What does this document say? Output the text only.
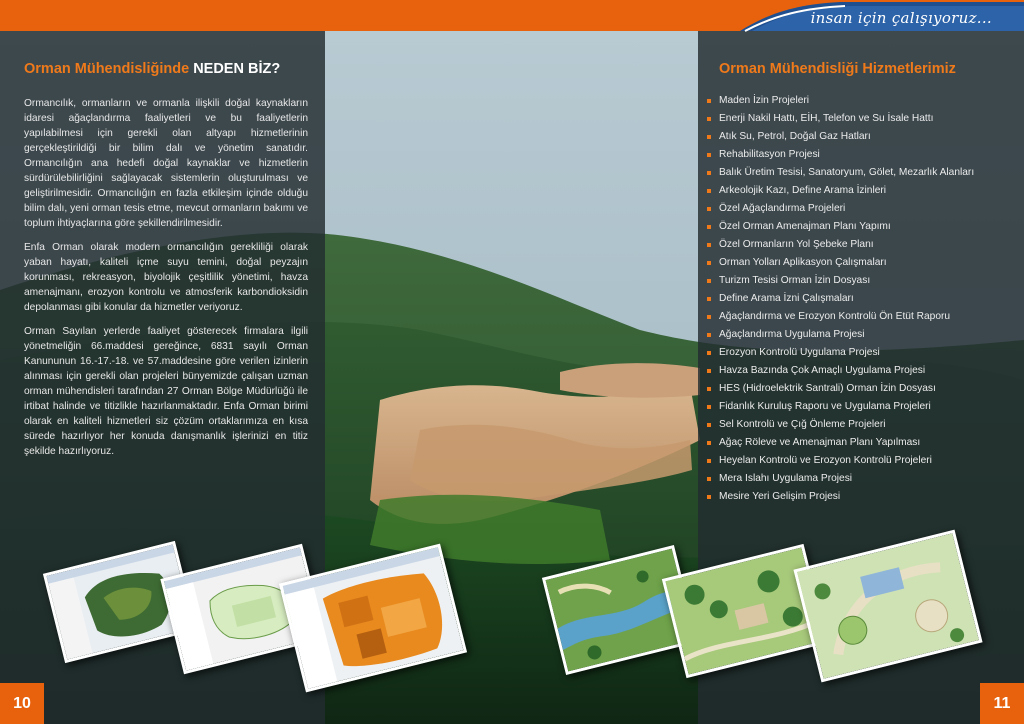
insan için çalışıyoruz...
Orman Mühendisliğinde NEDEN BİZ?

Ormancılık, ormanların ve ormanla ilişkili doğal kaynakların idaresi ağaçlandırma faaliyetleri ve bu faaliyetlerin yapılabilmesi için gerekli olan altyapı hizmetlerinin gerçekleştirildiği bir bilim dalı ve yönetim sanatıdır. Ormancılığın ana hedefi doğal kaynaklar ve hizmetlerin sürdürülebilirliğini sağlayacak sistemlerin oluşturulması ve geliştirilmesidir. Ormancılığın en fazla etkileşim içinde olduğu bilim dalı, yeni orman tesis etme, mevcut ormanların bakımı ve toplum ihtiyaçlarına göre şekillendirilmesidir.

Enfa Orman olarak modern ormancılığın gerekliliği olarak yaban hayatı, kaliteli içme suyu temini, doğal peyzajın korunması, rekreasyon, biyolojik çeşitlilik yönetimi, havza amenajmanı, erozyon kontrolu ve atmosferik karbondioksidin depolanması gibi konular da hizmetler veriyoruz.

Orman Sayılan yerlerde faaliyet gösterecek firmalara ilgili yönetmeliğin 66.maddesi gereğince, 6831 sayılı Orman Kanununun 16.-17.-18. ve 57.maddesine göre verilen izinlerin alınması için gerekli olan projeleri bünyemizde çalışan uzman orman mühendisleri tarafından 27 Orman Bölge Müdürlüğü ile irtibat halinde ve titizlikle hazırlanmaktadır. Enfa Orman birimi olarak en kaliteli hizmetleri siz çözüm ortaklarımıza en kısa sürede hazırlıyor her konuda danışmanlık işlerinizi en titiz şekilde hazırlıyoruz.

Orman Mühendisliği Hizmetlerimiz
Maden İzin Projeleri
Enerji Nakil Hattı, EİH, Telefon ve Su İsale Hattı
Atık Su, Petrol, Doğal Gaz Hatları
Rehabilitasyon Projesi
Balık Üretim Tesisi, Sanatoryum, Gölet, Mezarlık Alanları
Arkeolojik Kazı, Define Arama İzinleri
Özel Ağaçlandırma Projeleri
Özel Orman Amenajman Planı Yapımı
Özel Ormanların Yol Şebeke Planı
Orman Yolları Aplikasyon Çalışmaları
Turizm Tesisi Orman İzin Dosyası
Define Arama İzni Çalışmaları
Ağaçlandırma ve Erozyon Kontrolü Ön Etüt Raporu
Ağaçlandırma Uygulama Projesi
Erozyon Kontrolü Uygulama Projesi
Havza Bazında Çok Amaçlı Uygulama Projesi
HES (Hidroelektrik Santrali) Orman İzin Dosyası
Fidanlık Kuruluş Raporu ve Uygulama Projeleri
Sel Kontrolü ve Çığ Önleme Projeleri
Ağaç Röleve ve Amenajman Planı Yapılması
Heyelan Kontrolü ve Erozyon Kontrolü Projeleri
Mera Islahı Uygulama Projesi
Mesire Yeri Gelişim Projesi
10	11
